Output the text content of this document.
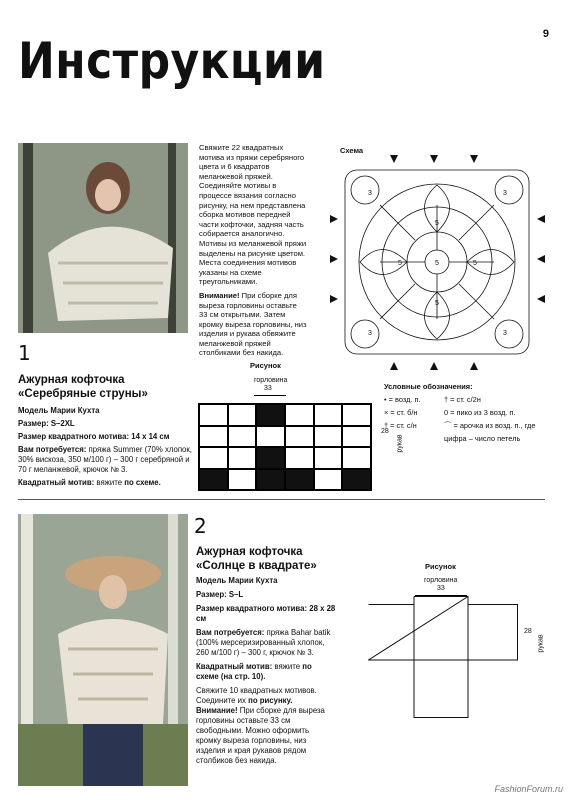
9
Инструкции
1
Ажурная кофточка
«Серебряные струны»
Модель Марии Кухта
Размер: S–2XL
Размер квадратного мотива: 14 х 14 см
Вам потребуется: пряжа Summer (70% хлопок, 30% вискоза, 350 м/100 г) – 300 г серебряной и 70 г меланжевой, крючок № 3.
Квадратный мотив: вяжите по схеме.

Свяжите 22 квадратных мотива из пряжи серебряного цвета и 6 квадратов меланжевой пряжей. Соединяйте мотивы в процессе вязания согласно рисунку, на нем представлена сборка мотивов передней части кофточки, задняя часть собирается аналогично. Мотивы из меланжевой пряжи выделены на рисунке цветом. Места соединения мотивов указаны на схеме треугольниками.

Внимание! При сборке для выреза горловины оставьте 33 см открытыми. Затем кромку выреза горловины, низ изделия и рукава обвяжите меланжевой пряжей столбиками без накида.

Схема
5
5
5
5	5
3	3
3	3
Рисунок
горловина
33
28
рукав
Условные обозначения:
• = возд. п.	† = ст. с/2н
× = ст. б/н	0 = пико из 3 возд. п.
† = ст. с/н	⌒ = арочка из возд. п., где цифра – число петель
2
Ажурная кофточка
«Солнце в квадрате»
Модель Марии Кухта
Размер: S–L
Размер квадратного мотива: 28 х 28 см
Вам потребуется: пряжа Bahar batik (100% мерсеризированный хлопок, 260 м/100 г) – 300 г, крючок № 3.
Квадратный мотив: вяжите по схеме (на стр. 10).
Свяжите 10 квадратных мотивов. Соедините их по рисунку. Внимание! При сборке для выреза горловины оставьте 33 см свободными. Можно оформить кромку выреза горловины, низ изделия и края рукавов рядом столбиков без накида.
Рисунок
горловина
33
28
рукав
FashionForum.ru
